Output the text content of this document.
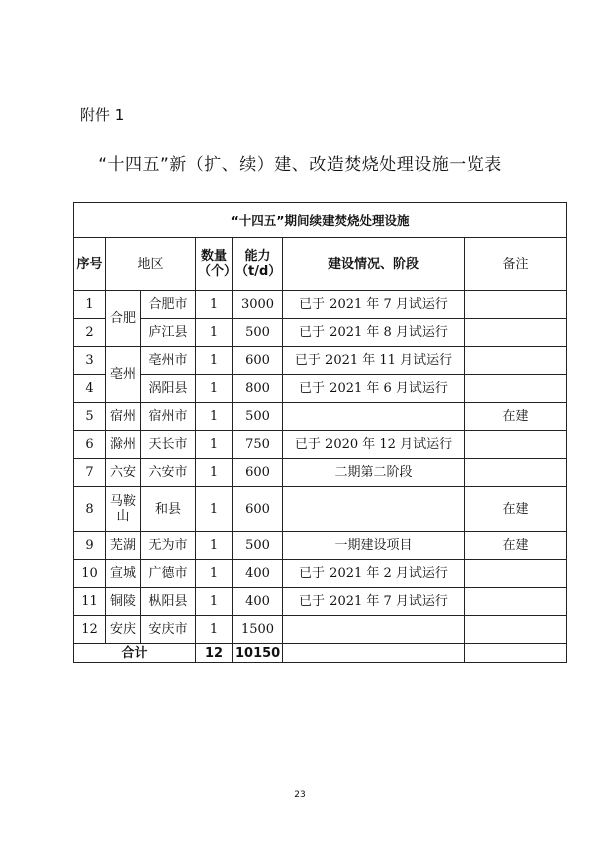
附件 1
“十四五”新（扩、续）建、改造焚烧处理设施一览表
“十四五”期间续建焚烧处理设施						
序号	地区		数量（个）	能力（t/d）	建设情况、阶段	备注
1	合肥	合肥市	1	3000	已于 2021 年 7 月试运行	
2		庐江县	1	500	已于 2021 年 8 月试运行	
3	亳州	亳州市	1	600	已于 2021 年 11 月试运行	
4		涡阳县	1	800	已于 2021 年 6 月试运行	
5	宿州	宿州市	1	500		在建
6	滁州	天长市	1	750	已于 2020 年 12 月试运行	
7	六安	六安市	1	600	二期第二阶段	
8	马鞍山	和县	1	600		在建
9	芜湖	无为市	1	500	一期建设项目	在建
10	宣城	广德市	1	400	已于 2021 年 2 月试运行	
11	铜陵	枞阳县	1	400	已于 2021 年 7 月试运行	
12	安庆	安庆市	1	1500		
合计			12	10150		
23
